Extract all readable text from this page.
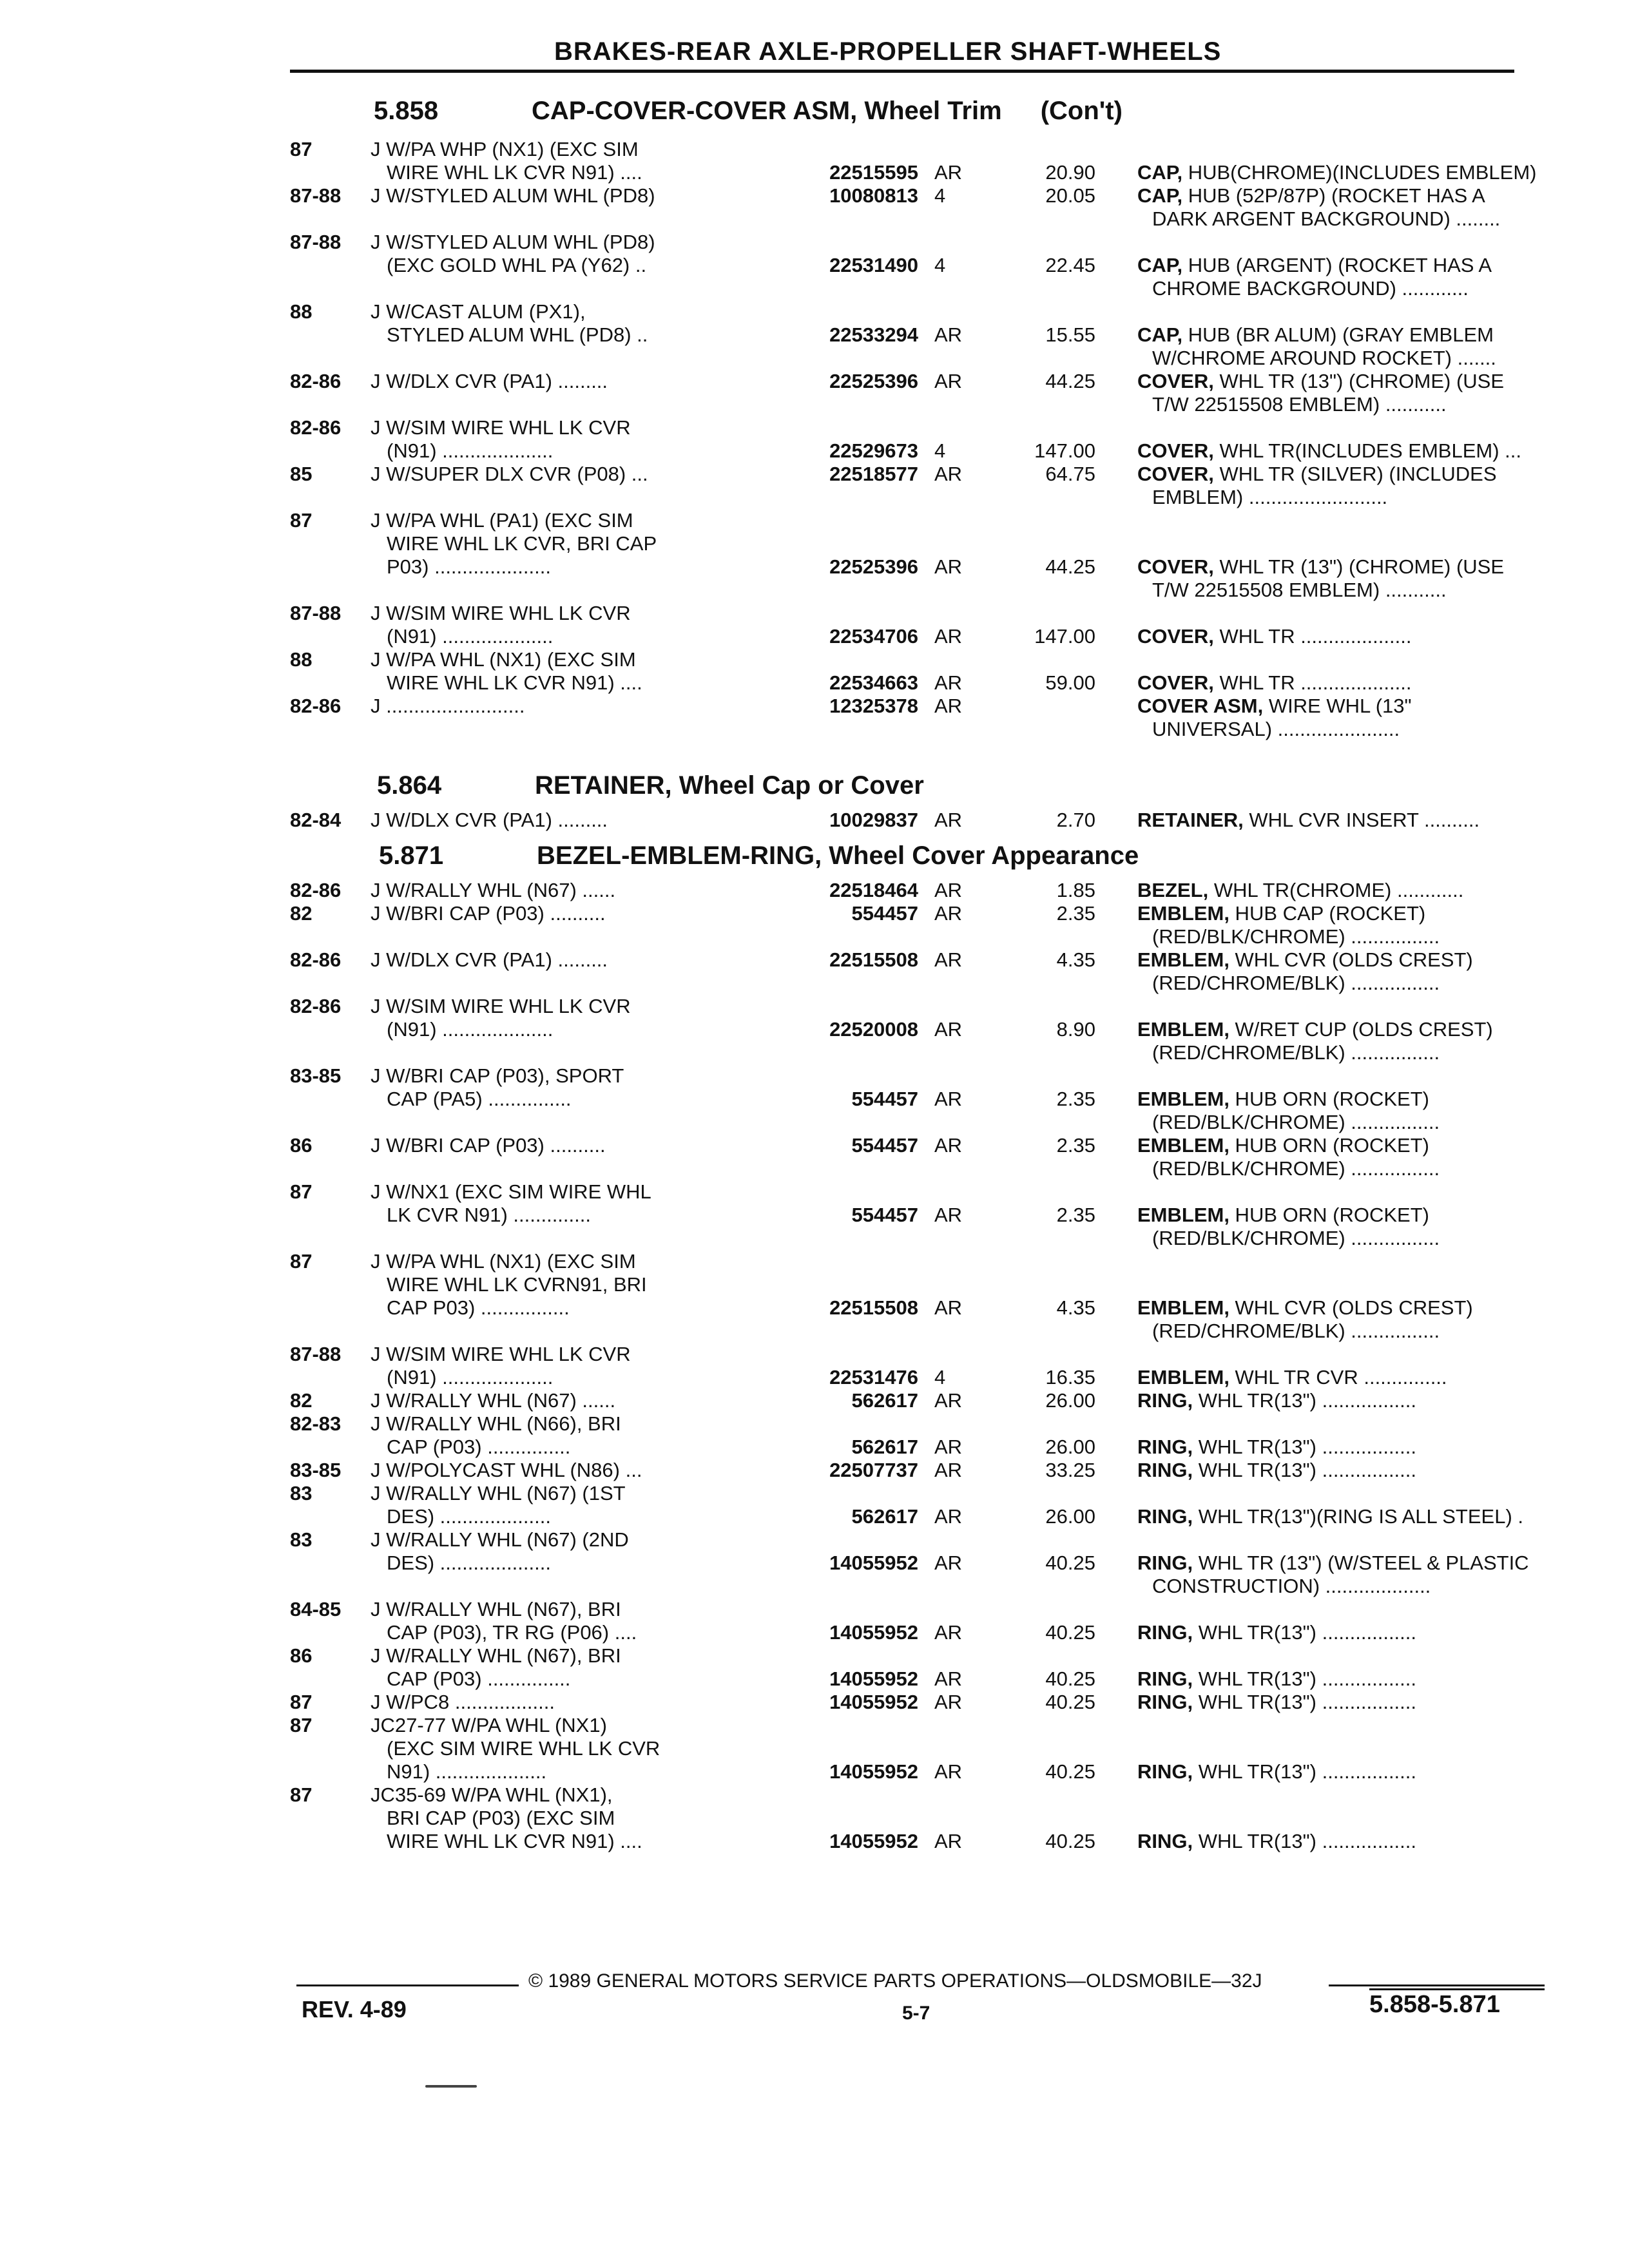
BRAKES-REAR AXLE-PROPELLER SHAFT-WHEELS
5.858	CAP-COVER-COVER ASM, Wheel Trim (Con't)
87	J W/PA WHP (NX1) (EXC SIM
WIRE WHL LK CVR N91) ....	22515595 AR	20.90 CAP, HUB(CHROME)(INCLUDES EMBLEM)
87-88 J W/STYLED ALUM WHL (PD8)	10080813 4	20.05 CAP, HUB (52P/87P) (ROCKET HAS A
DARK ARGENT BACKGROUND) ........
87-88 J W/STYLED ALUM WHL (PD8)
(EXC GOLD WHL PA (Y62) ..	22531490 4	22.45 CAP, HUB (ARGENT) (ROCKET HAS A
CHROME BACKGROUND) ............
88	J W/CAST ALUM (PX1),
STYLED ALUM WHL (PD8) ..	22533294 AR	15.55 CAP, HUB (BR ALUM) (GRAY EMBLEM
W/CHROME AROUND ROCKET) .......
82-86 J W/DLX CVR (PA1) .........	22525396 AR	44.25 COVER, WHL TR (13") (CHROME) (USE
T/W 22515508 EMBLEM) ...........
82-86 J W/SIM WIRE WHL LK CVR
(N91) ....................	22529673 4	147.00 COVER, WHL TR(INCLUDES EMBLEM) ...
85	J W/SUPER DLX CVR (P08) ...	22518577 AR	64.75 COVER, WHL TR (SILVER) (INCLUDES
EMBLEM) .........................
87	J W/PA WHL (PA1) (EXC SIM
WIRE WHL LK CVR, BRI CAP
P03) .....................	22525396 AR	44.25 COVER, WHL TR (13") (CHROME) (USE
T/W 22515508 EMBLEM) ...........
87-88 J W/SIM WIRE WHL LK CVR
(N91) ....................	22534706 AR	147.00 COVER, WHL TR ....................
88	J W/PA WHL (NX1) (EXC SIM
WIRE WHL LK CVR N91) ....	22534663 AR	59.00 COVER, WHL TR ....................
82-86 J .........................	12325378 AR	COVER ASM, WIRE WHL (13"
UNIVERSAL) ......................
5.864	RETAINER, Wheel Cap or Cover
82-84 J W/DLX CVR (PA1) .........	10029837 AR	2.70 RETAINER, WHL CVR INSERT ..........
5.871	BEZEL-EMBLEM-RING, Wheel Cover Appearance
82-86 J W/RALLY WHL (N67) ......	22518464 AR	1.85 BEZEL, WHL TR(CHROME) ............
82	J W/BRI CAP (P03) ..........	554457 AR	2.35 EMBLEM, HUB CAP (ROCKET)
(RED/BLK/CHROME) ................
82-86 J W/DLX CVR (PA1) .........	22515508 AR	4.35 EMBLEM, WHL CVR (OLDS CREST)
(RED/CHROME/BLK) ................
82-86 J W/SIM WIRE WHL LK CVR
(N91) ....................	22520008 AR	8.90 EMBLEM, W/RET CUP (OLDS CREST)
(RED/CHROME/BLK) ................
83-85 J W/BRI CAP (P03), SPORT
CAP (PA5) ...............	554457 AR	2.35 EMBLEM, HUB ORN (ROCKET)
(RED/BLK/CHROME) ................
86	J W/BRI CAP (P03) ..........	554457 AR	2.35 EMBLEM, HUB ORN (ROCKET)
(RED/BLK/CHROME) ................
87	J W/NX1 (EXC SIM WIRE WHL
LK CVR N91) ..............	554457 AR	2.35 EMBLEM, HUB ORN (ROCKET)
(RED/BLK/CHROME) ................
87	J W/PA WHL (NX1) (EXC SIM
WIRE WHL LK CVRN91, BRI
CAP P03) ................	22515508 AR	4.35 EMBLEM, WHL CVR (OLDS CREST)
(RED/CHROME/BLK) ................
87-88 J W/SIM WIRE WHL LK CVR
(N91) ....................	22531476 4	16.35 EMBLEM, WHL TR CVR ...............
82	J W/RALLY WHL (N67) ......	562617 AR	26.00 RING, WHL TR(13") .................
82-83 J W/RALLY WHL (N66), BRI
CAP (P03) ...............	562617 AR	26.00 RING, WHL TR(13") .................
83-85 J W/POLYCAST WHL (N86) ...	22507737 AR	33.25 RING, WHL TR(13") .................
83	J W/RALLY WHL (N67) (1ST
DES) ....................	562617 AR	26.00 RING, WHL TR(13")(RING IS ALL STEEL) .
83	J W/RALLY WHL (N67) (2ND
DES) ....................	14055952 AR	40.25 RING, WHL TR (13") (W/STEEL & PLASTIC
CONSTRUCTION) ...................
84-85 J W/RALLY WHL (N67), BRI
CAP (P03), TR RG (P06) ....	14055952 AR	40.25 RING, WHL TR(13") .................
86	J W/RALLY WHL (N67), BRI
CAP (P03) ...............	14055952 AR	40.25 RING, WHL TR(13") .................
87	J W/PC8 ..................	14055952 AR	40.25 RING, WHL TR(13") .................
87	JC27-77 W/PA WHL (NX1)
(EXC SIM WIRE WHL LK CVR
N91) ....................	14055952 AR	40.25 RING, WHL TR(13") .................
87	JC35-69 W/PA WHL (NX1),
BRI CAP (P03) (EXC SIM
WIRE WHL LK CVR N91) ....	14055952 AR	40.25 RING, WHL TR(13") .................
© 1989 GENERAL MOTORS SERVICE PARTS OPERATIONS—OLDSMOBILE—32J
REV. 4-89	5-7	5.858-5.871
